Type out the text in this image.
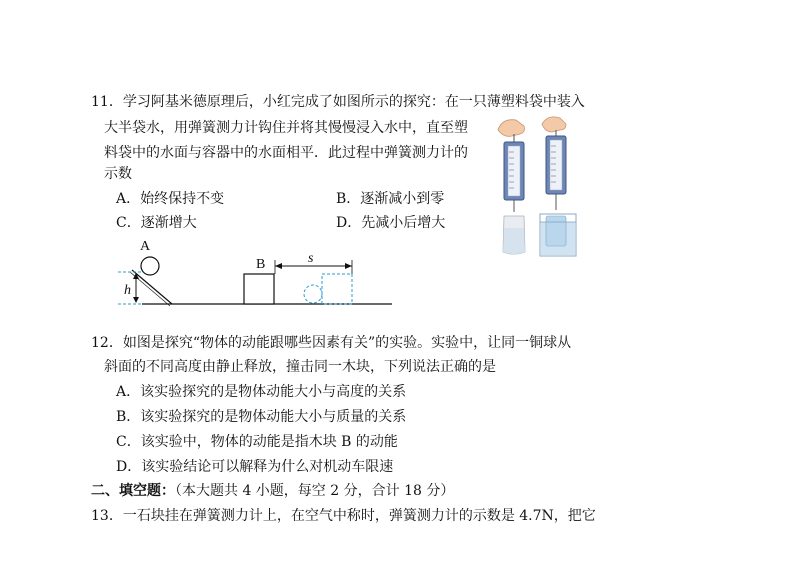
11．学习阿基米德原理后，小红完成了如图所示的探究：在一只薄塑料袋中装入
大半袋水，用弹簧测力计钩住并将其慢慢浸入水中，直至塑
料袋中的水面与容器中的水面相平．此过程中弹簧测力计的
示数
A．始终保持不变	B．逐渐减小到零
C．逐渐增大	D．先减小后增大
A
B
h
s
12．如图是探究“物体的动能跟哪些因素有关”的实验。实验中，让同一铜球从
斜面的不同高度由静止释放，撞击同一木块，下列说法正确的是
A．该实验探究的是物体动能大小与高度的关系
B．该实验探究的是物体动能大小与质量的关系
C．该实验中，物体的动能是指木块 B 的动能
D．该实验结论可以解释为什么对机动车限速
二、填空题：（本大题共 4 小题，每空 2 分，合计 18 分）
13．一石块挂在弹簧测力计上，在空气中称时，弹簧测力计的示数是 4.7N，把它
